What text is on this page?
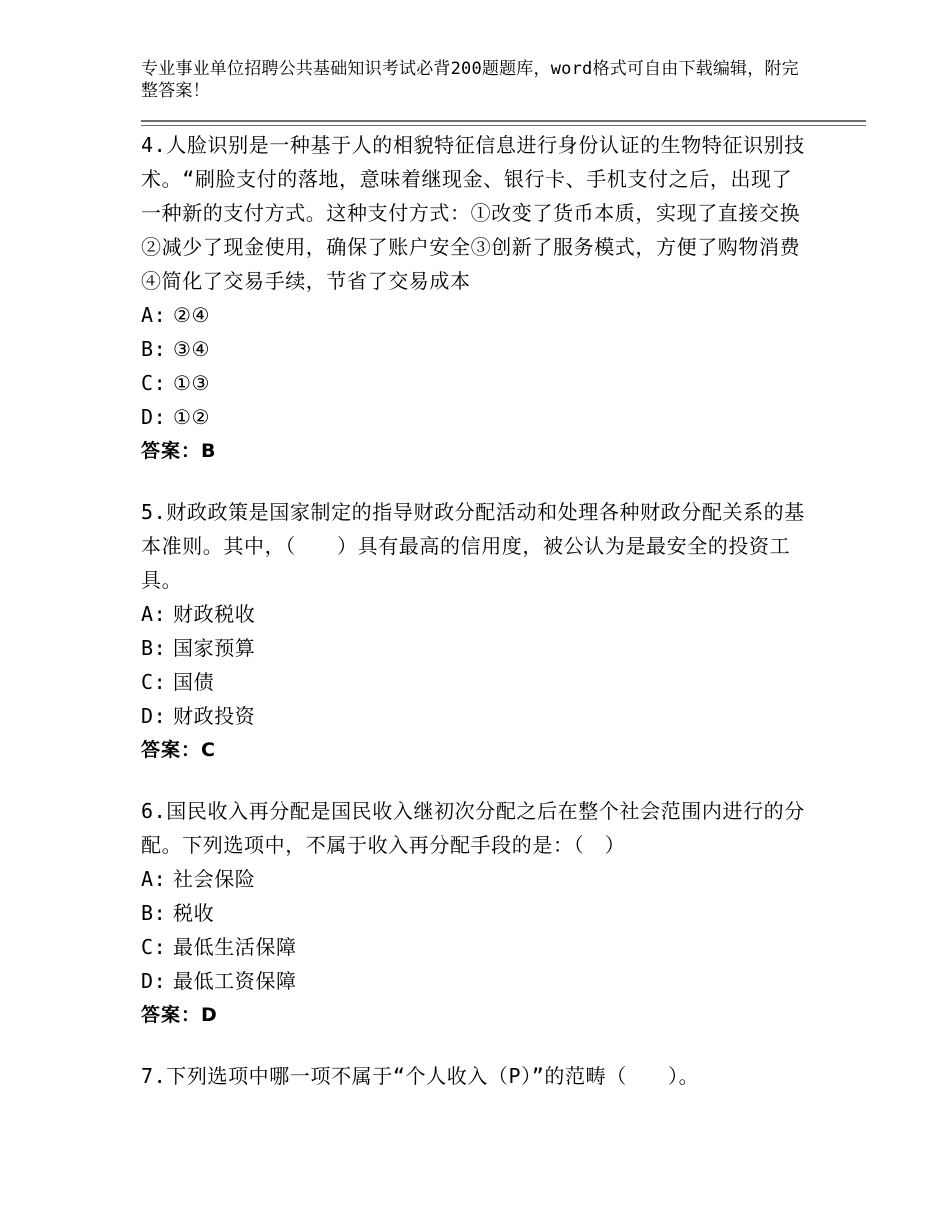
专业事业单位招聘公共基础知识考试必背200题题库，word格式可自由下载编辑，附完整答案！

4.人脸识别是一种基于人的相貌特征信息进行身份认证的生物特征识别技术。“刷脸支付的落地，意味着继现金、银行卡、手机支付之后，出现了一种新的支付方式。这种支付方式：①改变了货币本质，实现了直接交换②减少了现金使用，确保了账户安全③创新了服务模式，方便了购物消费④简化了交易手续，节省了交易成本

A: ②④
B: ③④
C: ①③
D: ①②
答案：B

5.财政政策是国家制定的指导财政分配活动和处理各种财政分配关系的基本准则。其中，（　　）具有最高的信用度，被公认为是最安全的投资工具。

A: 财政税收
B: 国家预算
C: 国债
D: 财政投资
答案：C

6.国民收入再分配是国民收入继初次分配之后在整个社会范围内进行的分配。下列选项中，不属于收入再分配手段的是：（　）

A: 社会保险
B: 税收
C: 最低生活保障
D: 最低工资保障
答案：D

7.下列选项中哪一项不属于“个人收入（P）”的范畴（　　）。
